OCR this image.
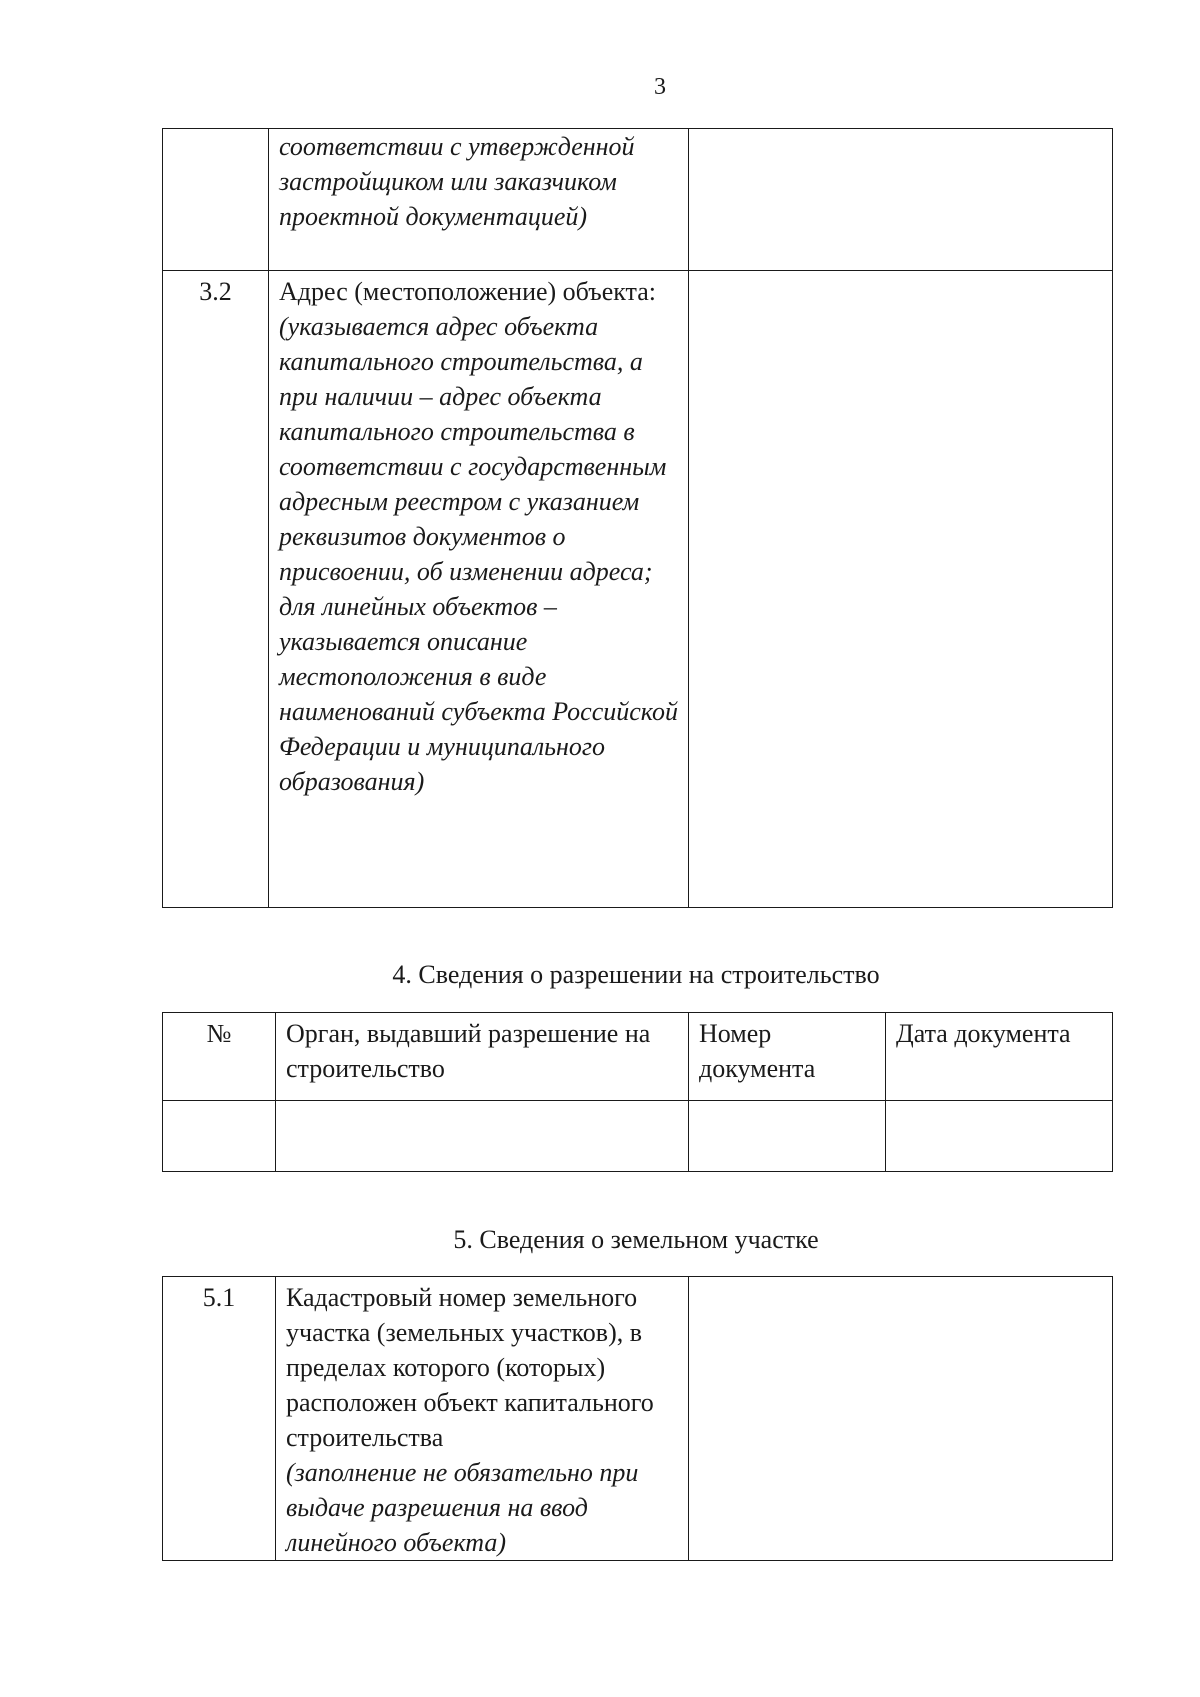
3

	соответствии с утвержденной застройщиком или заказчиком проектной документацией)	

3.2	Адрес (местоположение) объекта:
(указывается адрес объекта капитального строительства, а при наличии – адрес объекта капитального строительства в соответствии с государственным адресным реестром с указанием реквизитов документов о присвоении, об изменении адреса; для линейных объектов – указывается описание местоположения в виде наименований субъекта Российской Федерации и муниципального образования)	

4. Сведения о разрешении на строительство
№	Орган, выдавший разрешение на строительство	Номер документа	Дата документа

5. Сведения о земельном участке
5.1	Кадастровый номер земельного участка (земельных участков), в пределах которого (которых) расположен объект капитального строительства
(заполнение не обязательно при выдаче разрешения на ввод линейного объекта)
